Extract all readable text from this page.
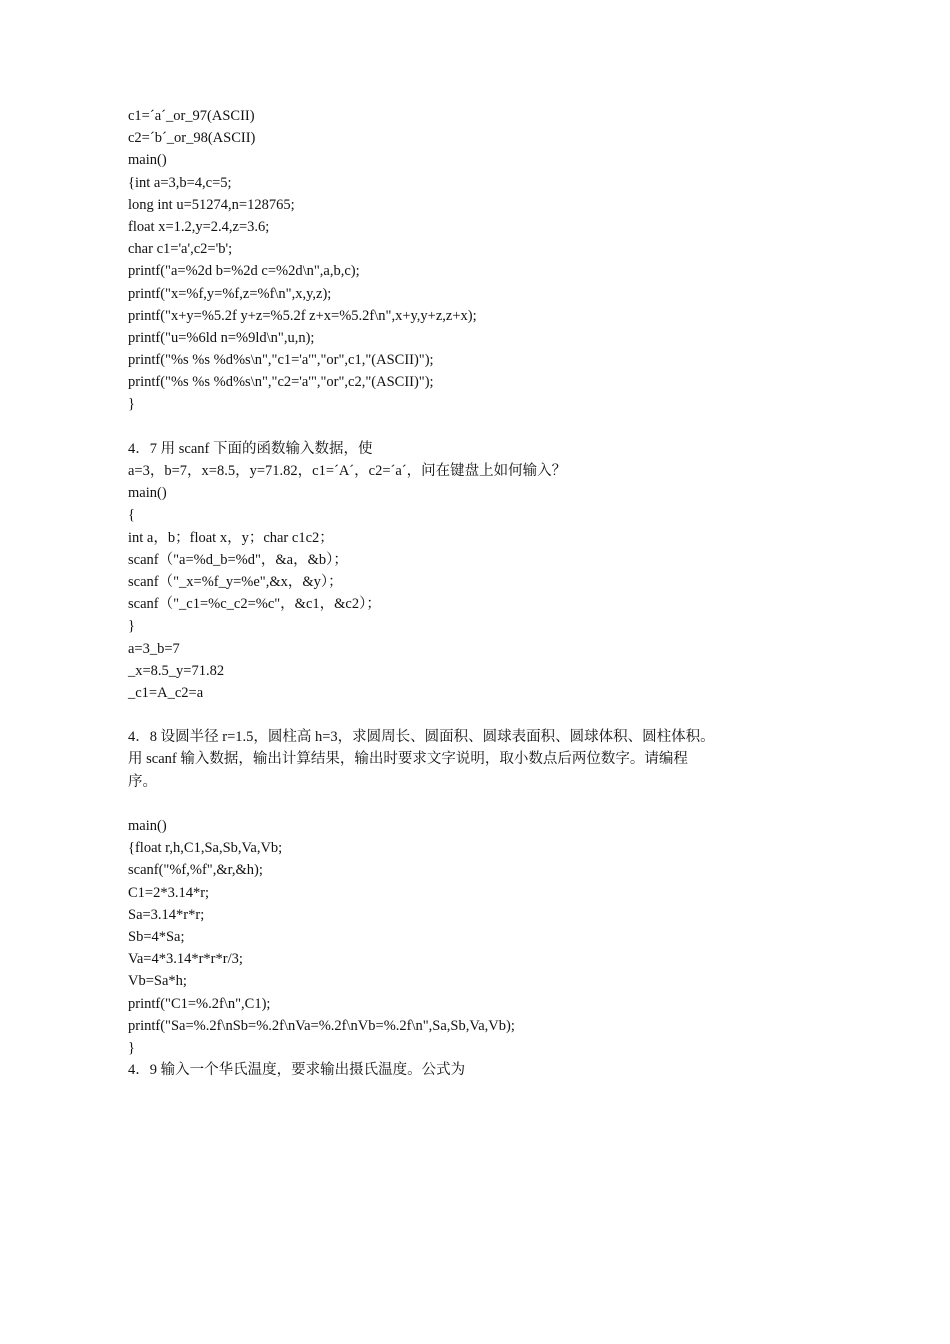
c1=´a´_or_97(ASCII)
c2=´b´_or_98(ASCII)
main()
{int a=3,b=4,c=5;
long int u=51274,n=128765;
float x=1.2,y=2.4,z=3.6;
char c1='a',c2='b';
printf("a=%2d b=%2d c=%2d\n",a,b,c);
printf("x=%f,y=%f,z=%f\n",x,y,z);
printf("x+y=%5.2f y+z=%5.2f z+x=%5.2f\n",x+y,y+z,z+x);
printf("u=%6ld n=%9ld\n",u,n);
printf("%s %s %d%s\n","c1='a'","or",c1,"(ASCII)");
printf("%s %s %d%s\n","c2='a'","or",c2,"(ASCII)");
}
4．7 用 scanf 下面的函数输入数据，使
a=3，b=7，x=8.5，y=71.82，c1=´A´，c2=´a´，问在键盘上如何输入？
main()
{
int a，b；float x，y；char c1c2；
scanf（"a=%d_b=%d"，&a，&b）；
scanf（"_x=%f_y=%e",&x，&y）；
scanf（"_c1=%c_c2=%c"，&c1，&c2）；
}
a=3_b=7
_x=8.5_y=71.82
_c1=A_c2=a
4．8 设圆半径 r=1.5，圆柱高 h=3，求圆周长、圆面积、圆球表面积、圆球体积、圆柱体积。
用 scanf 输入数据，输出计算结果，输出时要求文字说明，取小数点后两位数字。请编程
序。
main()
{float r,h,C1,Sa,Sb,Va,Vb;
scanf("%f,%f",&r,&h);
C1=2*3.14*r;
Sa=3.14*r*r;
Sb=4*Sa;
Va=4*3.14*r*r*r/3;
Vb=Sa*h;
printf("C1=%.2f\n",C1);
printf("Sa=%.2f\nSb=%.2f\nVa=%.2f\nVb=%.2f\n",Sa,Sb,Va,Vb);
}
4．9 输入一个华氏温度，要求输出摄氏温度。公式为
